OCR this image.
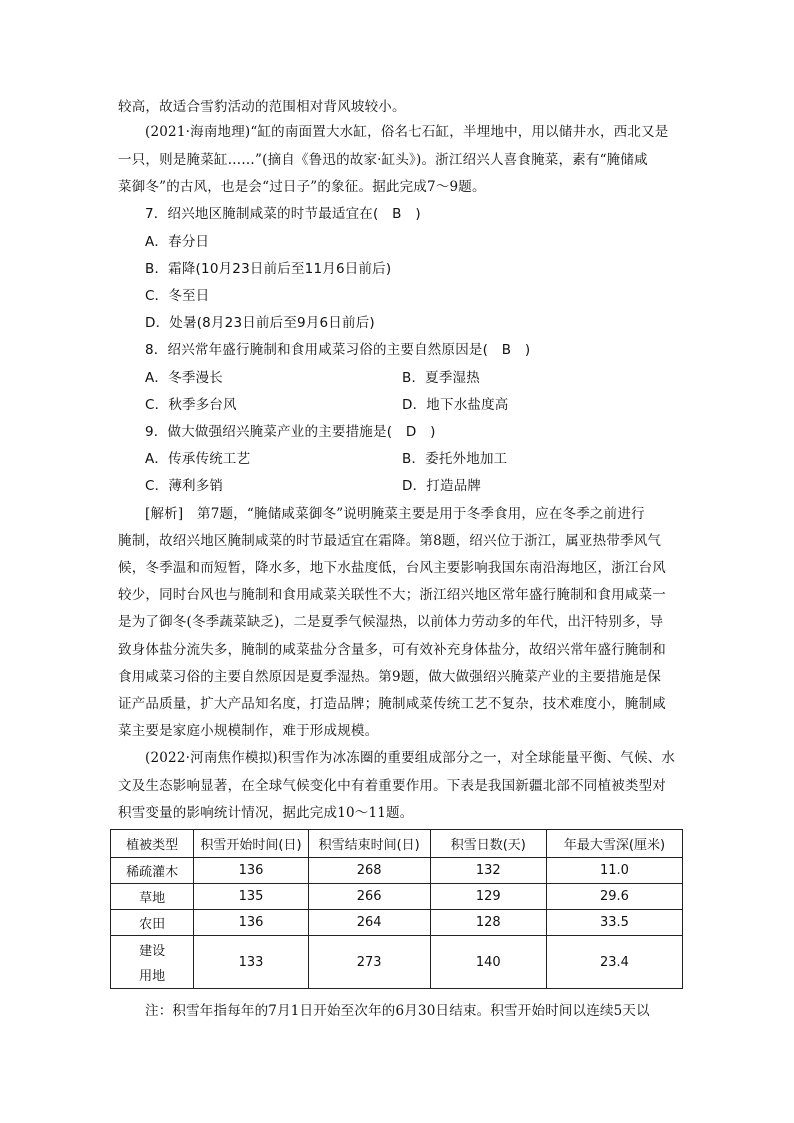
较高，故适合雪豹活动的范围相对背风坡较小。
(2021·海南地理)“缸的南面置大水缸，俗名七石缸，半埋地中，用以储井水，西北又是
一只，则是腌菜缸……”(摘自《鲁迅的故家·缸头》)。浙江绍兴人喜食腌菜，素有“腌储咸
菜御冬”的古风，也是会“过日子”的象征。据此完成7～9题。
7．绍兴地区腌制咸菜的时节最适宜在(　B　)
A．春分日
B．霜降(10月23日前后至11月6日前后)
C．冬至日
D．处暑(8月23日前后至9月6日前后)
8．绍兴常年盛行腌制和食用咸菜习俗的主要自然原因是(　B　)
A．冬季漫长	B．夏季湿热
C．秋季多台风	D．地下水盐度高
9．做大做强绍兴腌菜产业的主要措施是(　D　)
A．传承传统工艺	B．委托外地加工
C．薄利多销	D．打造品牌
[解析]　第7题，“腌储咸菜御冬”说明腌菜主要是用于冬季食用，应在冬季之前进行
腌制，故绍兴地区腌制咸菜的时节最适宜在霜降。第8题，绍兴位于浙江，属亚热带季风气
候，冬季温和而短暂，降水多，地下水盐度低，台风主要影响我国东南沿海地区，浙江台风
较少，同时台风也与腌制和食用咸菜关联性不大；浙江绍兴地区常年盛行腌制和食用咸菜一
是为了御冬(冬季蔬菜缺乏)，二是夏季气候湿热，以前体力劳动多的年代，出汗特别多，导
致身体盐分流失多，腌制的咸菜盐分含量多，可有效补充身体盐分，故绍兴常年盛行腌制和
食用咸菜习俗的主要自然原因是夏季湿热。第9题，做大做强绍兴腌菜产业的主要措施是保
证产品质量，扩大产品知名度，打造品牌；腌制咸菜传统工艺不复杂，技术难度小，腌制咸
菜主要是家庭小规模制作，难于形成规模。
(2022·河南焦作模拟)积雪作为冰冻圈的重要组成部分之一，对全球能量平衡、气候、水
文及生态影响显著，在全球气候变化中有着重要作用。下表是我国新疆北部不同植被类型对
积雪变量的影响统计情况，据此完成10～11题。
植被类型	积雪开始时间(日)	积雪结束时间(日)	积雪日数(天)	年最大雪深(厘米)
稀疏灌木	136	268	132	11.0
草地	135	266	129	29.6
农田	136	264	128	33.5

建设
用地	133	273	140	23.4
注：积雪年指每年的7月1日开始至次年的6月30日结束。积雪开始时间以连续5天以
